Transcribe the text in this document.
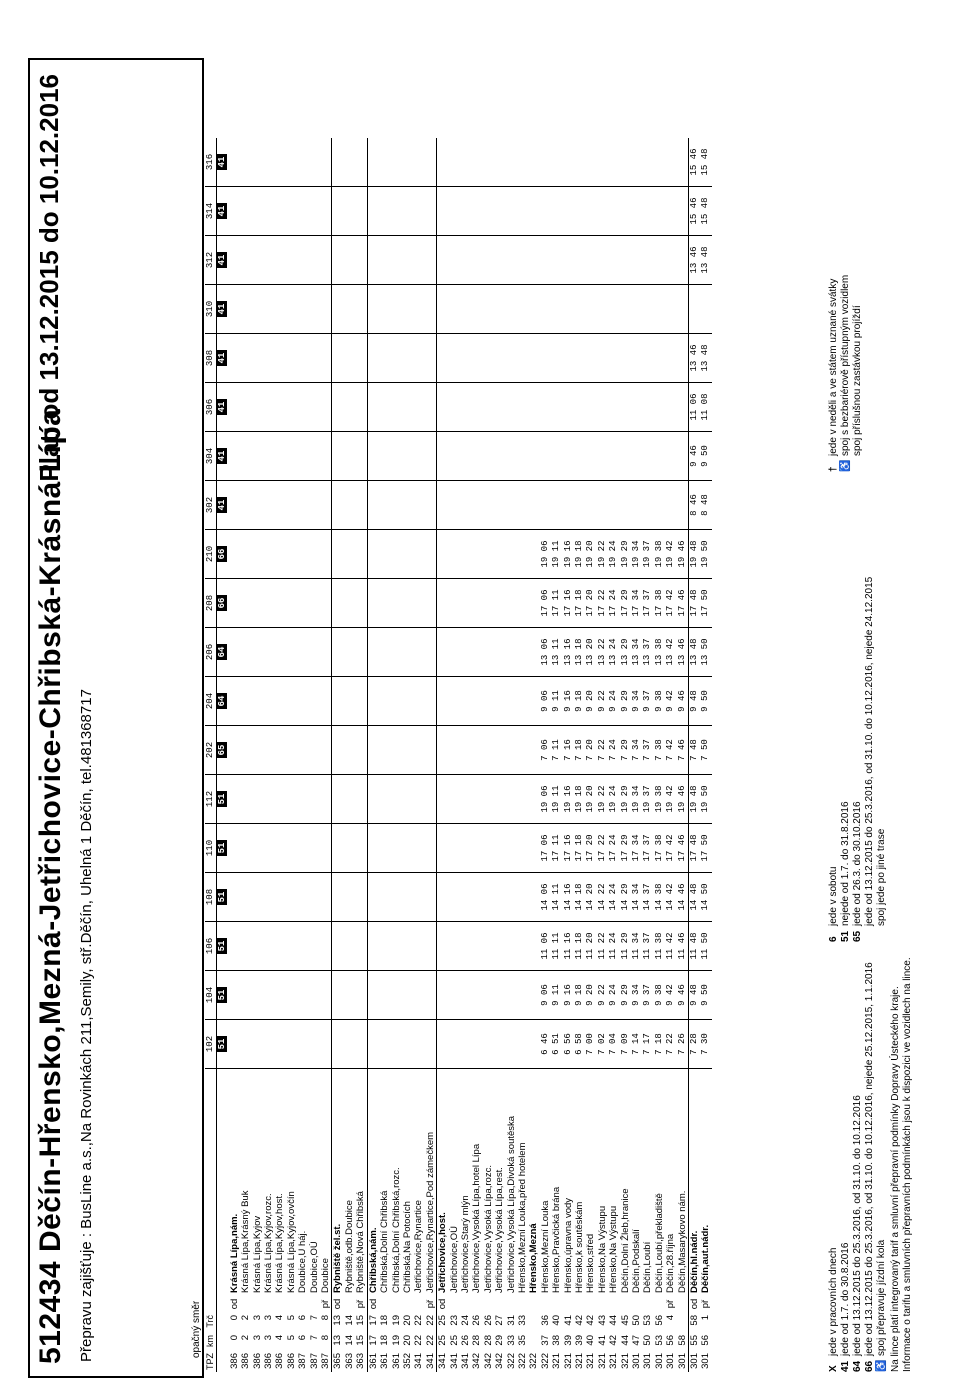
512434 Děčín-Hřensko,Mezná-Jetřichovice-Chřibská-Krásná Lípa
Platí od 13.12.2015 do 10.12.2016
Přepravu zajišťuje : BusLine a.s.,Na Rovinkách 211,Semily, stř.Děčín, Uhelná 1 Děčín, tel.481368717	opačný směr
TPZ	km	Trč			102	104	106	108	110	112	202	204	206	208	210	302	304	306	308	310	312	314	316
					51	51	51	51	51	51	65	64	64	66	66	41	41	41	41	41	41	41	41
386	0	0	od	Krásná Lípa,nám.																			
386	2	2		Krásná Lípa,Krásný Buk																			
386	3	3		Krásná Lípa,Kyjov																			
386	3	3		Krásná Lípa,Kyjov,rozc.																			
386	4	4		Krásná Lípa,Kyjov,host.																			
386	5	5		Krásná Lípa,Kyjov,ovčín																			
387	6	6		Doubice,U háj.																			
387	7	7		Doubice,OÚ																			
387	8	8	př	Doubice																			
365	13	13	od	Rybniště žel.st.																			
363	14	14		Rybniště,odb.Doubice																			
363	15	15	př	Rybniště,Nová Chřibská																			
361	17	17	od	Chřibská,nám.																			
361	18	18		Chřibská,Dolní Chřibská																			
361	19	19		Chřibská,Dolní Chřibská,rozc.																			
352	20	20		Chřibská,Na Potocích																			
341	22	22		Jetřichovice,Rynartice																			
341	22	22	př	Jetřichovice,Rynartice,Pod zámečkem																			
341	25	25	od	Jetřichovice,host.																			
341	25	23		Jetřichovice,OÚ																			
341	26	24		Jetřichovice,Starý mlýn																			
342	28	26		Jetřichovice,Vysoká Lípa,hotel Lípa																			
342	28	26		Jetřichovice,Vysoká Lípa,rozc.																			
342	29	27		Jetřichovice,Vysoká Lípa,rest.																			
322	33	31		Jetřichovice,Vysoká Lípa,Divoká soutěska																			
322	35	33		Hřensko,Mezní Louka,před hotelem																			
322				Hřensko,Mezná																			
322	37	36		Hřensko,Mezní Louka	6 46	9 06	11 06	14 06	17 06	19 06	7 06	9 06	13 06	17 06	19 06								
321	38	40		Hřensko,Pravčická brána	6 51	9 11	11 11	14 11	17 11	19 11	7 11	9 11	13 11	17 11	19 11								
321	39	41		Hřensko,úpravna vody	6 56	9 16	11 16	14 16	17 16	19 16	7 16	9 16	13 16	17 16	19 16								
321	39	42		Hřensko,k soutěskám	6 58	9 18	11 18	14 18	17 18	19 18	7 18	9 18	13 18	17 18	19 18								
321	40	42		Hřensko,střed	7 00	9 20	11 20	14 20	17 20	19 20	7 20	9 20	13 20	17 20	19 20								
321	41	43		Hřensko,Na Výstupu	7 02	9 22	11 22	14 22	17 22	19 22	7 22	9 22	13 22	17 22	19 22								
321	42	44		Hřensko,Na Výstupu	7 04	9 24	11 24	14 24	17 24	19 24	7 24	9 24	13 24	17 24	19 24								
321	44	45		Děčín,Dolní Žleb,hranice	7 09	9 29	11 29	14 29	17 29	19 29	7 29	9 29	13 29	17 29	19 29								
301	47	50		Děčín,Podskalí	7 14	9 34	11 34	14 34	17 34	19 34	7 34	9 34	13 34	17 34	19 34								
301	50	53		Děčín,Loubí	7 17	9 37	11 37	14 37	17 37	19 37	7 37	9 37	13 37	17 37	19 37								
301	53	56		Děčín,Loubí,překladiště	7 18	9 38	11 38	14 38	17 38	19 38	7 38	9 38	13 38	17 38	19 38								
301	56	4	př	Děčín,28.října	7 22	9 42	11 42	14 42	17 42	19 42	7 42	9 42	13 42	17 42	19 42								
301	58			Děčín,Masarykovo nám.	7 26	9 46	11 46	14 46	17 46	19 46	7 46	9 46	13 46	17 46	19 46								
301	55	58	od	Děčín,hl.nádr.	7 28	9 48	11 48	14 48	17 48	19 48	7 48	9 48	13 48	17 48	19 48	8 46	9 46	11 06	13 46		13 46	15 46	15 46
301	56	1	př	Děčín,aut.nádr.	7 30	9 50	11 50	14 50	17 50	19 50	7 50	9 50	13 50	17 50	19 50	8 48	9 50	11 08	13 48		13 48	15 48	15 48
Xjede v pracovních dnech
41jede od 1.7. do 30.8.2016
64jede od 13.12.2015 do 25.3.2016, od 31.10. do 10.12.2016
66jede od 13.12.2015 do 25.3.2016, od 31.10. do 10.12.2016, nejede 25.12.2015, 1.1.2016
♿spoj přepravuje jízdní kola
6jede v sobotu
51nejede od 1.7. do 31.8.2016
65jede od 26.3. do 30.10.2016 jede od 13.12.2015 do 25.3.2016, od 31.10. do 10.12.2016, nejede 24.12.2015 spoj jede po jiné trase
†jede v neděli a ve státem uznané svátky
♿spoj s bezbariérově přístupným vozidlem spoj příslušnou zastávkou projíždí
Na lince platí integrovaný tarif a smluvní přepravní podmínky Dopravy Ústeckého kraje. Informace o tarifu a smluvních přepravních podmínkách jsou k dispozici ve vozidlech na lince.
